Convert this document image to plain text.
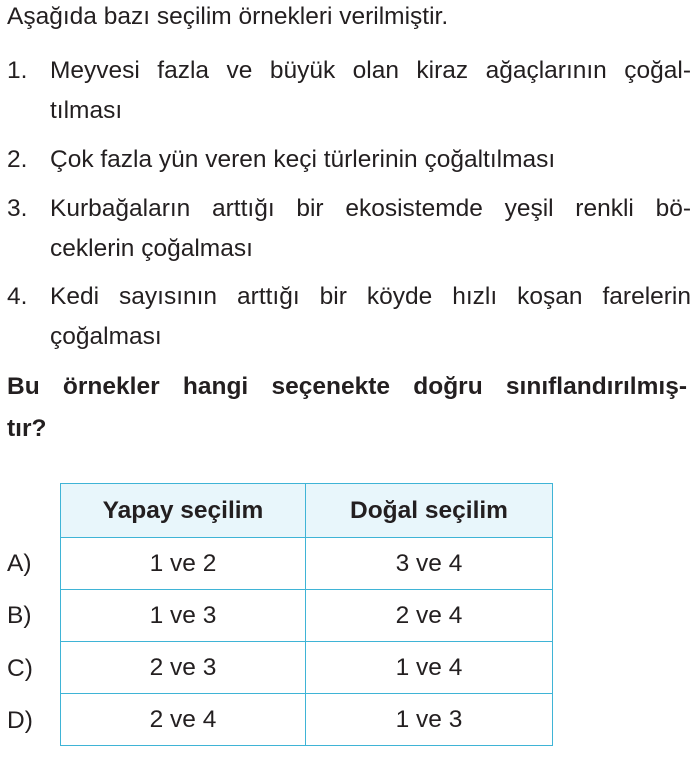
Aşağıda bazı seçilim örnekleri verilmiştir.

1. Meyvesi fazla ve büyük olan kiraz ağaçlarının çoğal-
tılması
2. Çok fazla yün veren keçi türlerinin çoğaltılması
3. Kurbağaların arttığı bir ekosistemde yeşil renkli bö-
ceklerin çoğalması
4. Kedi sayısının arttığı bir köyde hızlı koşan farelerin
çoğalması
Bu örnekler hangi seçenekte doğru sınıflandırılmış-
tır?
A)
B)
C)
D)
Yapay seçilim	Doğal seçilim
1 ve 2	3 ve 4
1 ve 3	2 ve 4
2 ve 3	1 ve 4
2 ve 4	1 ve 3
